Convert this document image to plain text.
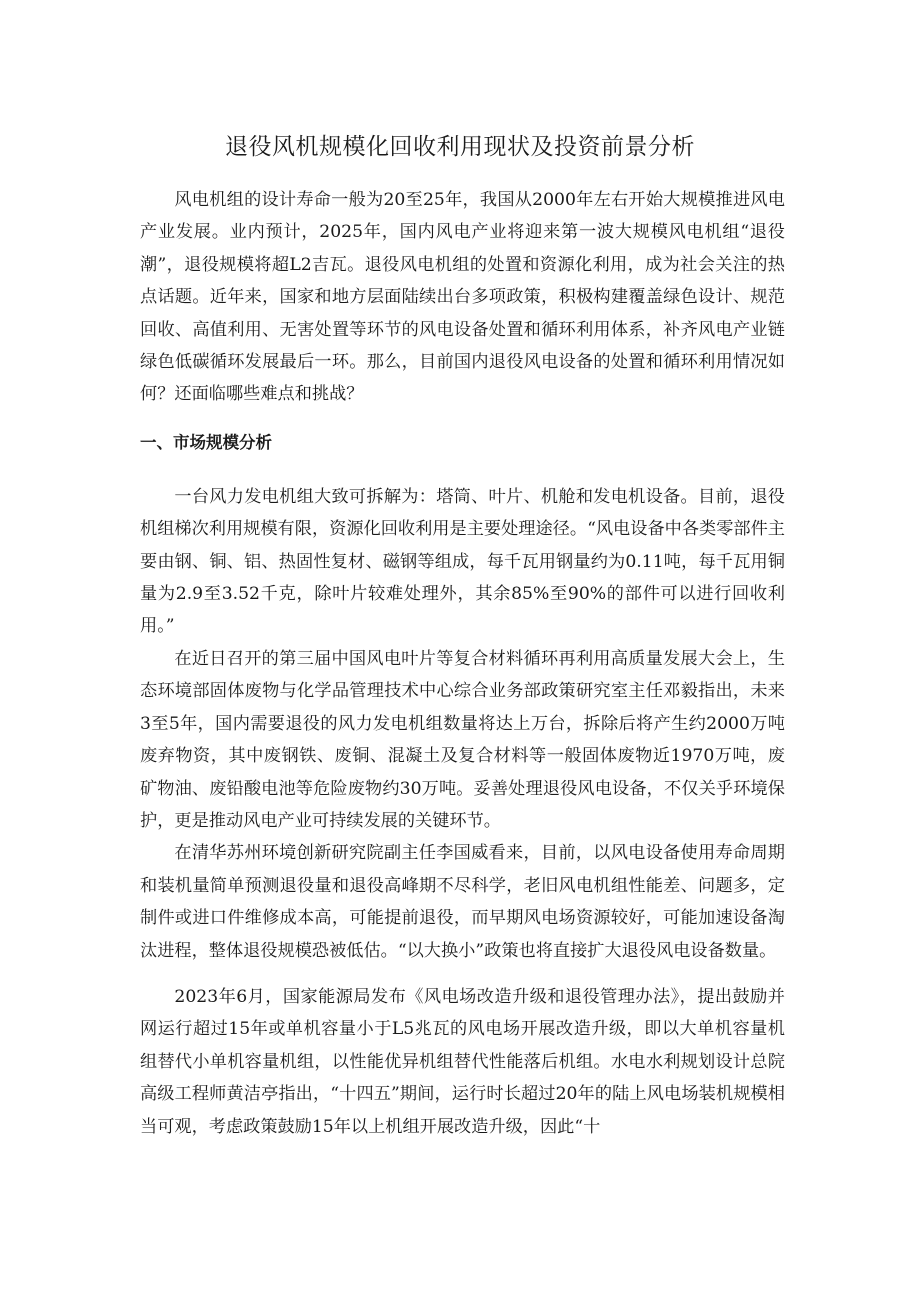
退役风机规模化回收利用现状及投资前景分析

风电机组的设计寿命一般为20至25年，我国从2000年左右开始大规模推进风电产业发展。业内预计，2025年，国内风电产业将迎来第一波大规模风电机组“退役潮”，退役规模将超L2吉瓦。退役风电机组的处置和资源化利用，成为社会关注的热点话题。近年来，国家和地方层面陆续出台多项政策，积极构建覆盖绿色设计、规范回收、高值利用、无害处置等环节的风电设备处置和循环利用体系，补齐风电产业链绿色低碳循环发展最后一环。那么，目前国内退役风电设备的处置和循环利用情况如何？还面临哪些难点和挑战？

一、市场规模分析

一台风力发电机组大致可拆解为：塔筒、叶片、机舱和发电机设备。目前，退役机组梯次利用规模有限，资源化回收利用是主要处理途径。“风电设备中各类零部件主要由钢、铜、铝、热固性复材、磁钢等组成，每千瓦用钢量约为0.11吨，每千瓦用铜量为2.9至3.52千克，除叶片较难处理外，其余85%至90%的部件可以进行回收利用。”

在近日召开的第三届中国风电叶片等复合材料循环再利用高质量发展大会上，生态环境部固体废物与化学品管理技术中心综合业务部政策研究室主任邓毅指出，未来3至5年，国内需要退役的风力发电机组数量将达上万台，拆除后将产生约2000万吨废弃物资，其中废钢铁、废铜、混凝土及复合材料等一般固体废物近1970万吨，废矿物油、废铅酸电池等危险废物约30万吨。妥善处理退役风电设备，不仅关乎环境保护，更是推动风电产业可持续发展的关键环节。

在清华苏州环境创新研究院副主任李国威看来，目前，以风电设备使用寿命周期和装机量简单预测退役量和退役高峰期不尽科学，老旧风电机组性能差、问题多，定制件或进口件维修成本高，可能提前退役，而早期风电场资源较好，可能加速设备淘汰进程，整体退役规模恐被低估。“以大换小”政策也将直接扩大退役风电设备数量。

2023年6月，国家能源局发布《风电场改造升级和退役管理办法》，提出鼓励并网运行超过15年或单机容量小于L5兆瓦的风电场开展改造升级，即以大单机容量机组替代小单机容量机组，以性能优异机组替代性能落后机组。水电水利规划设计总院高级工程师黄洁亭指出，“十四五”期间，运行时长超过20年的陆上风电场装机规模相当可观，考虑政策鼓励15年以上机组开展改造升级，因此“十
